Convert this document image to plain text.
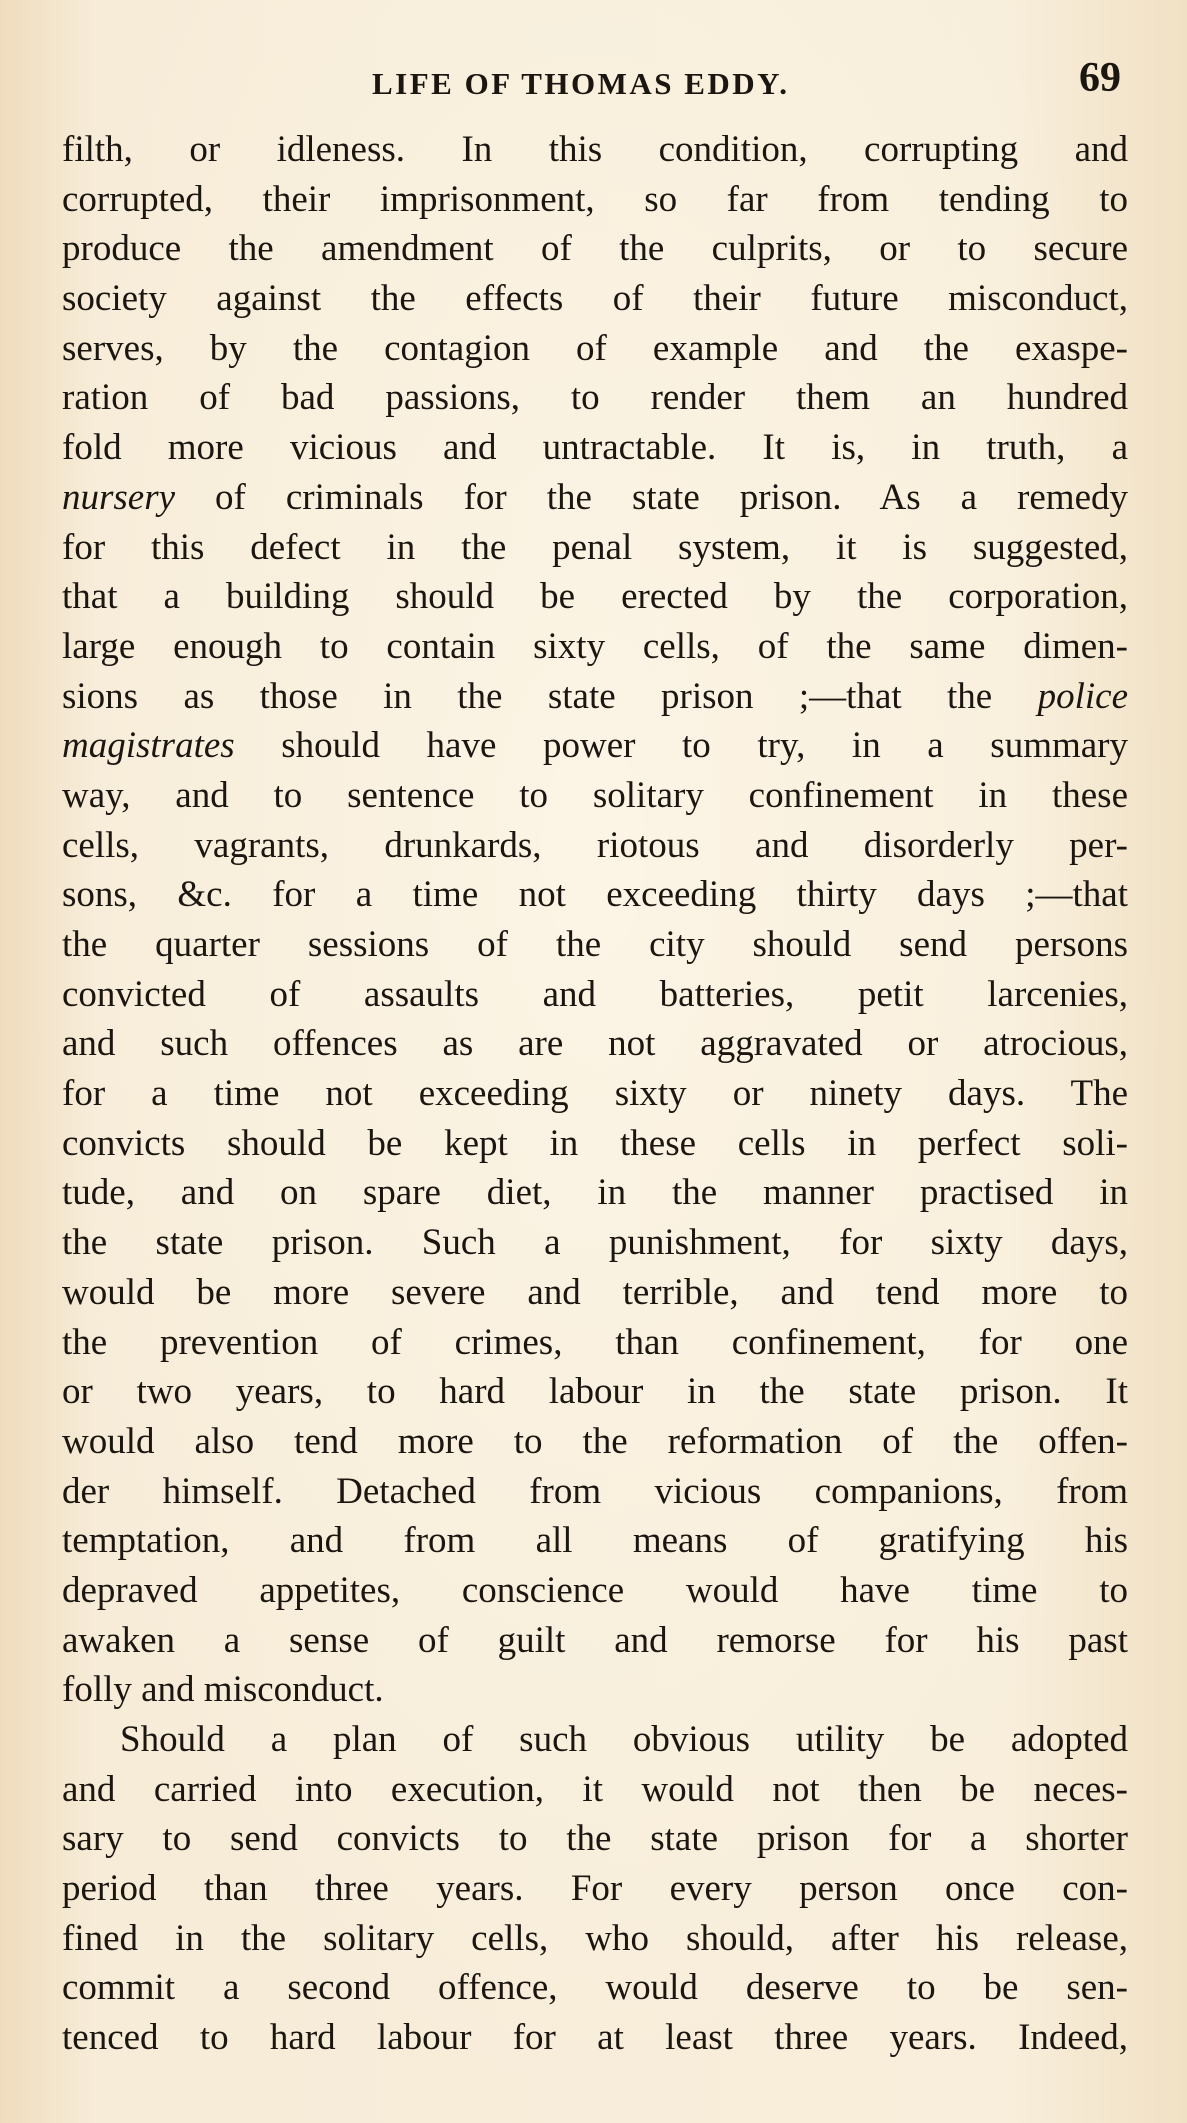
LIFE OF THOMAS EDDY.	69
filth, or idleness. In this condition, corrupting and
corrupted, their imprisonment, so far from tending to
produce the amendment of the culprits, or to secure
society against the effects of their future misconduct,
serves, by the contagion of example and the exaspe-
ration of bad passions, to render them an hundred
fold more vicious and untractable. It is, in truth, a
nursery of criminals for the state prison. As a remedy
for this defect in the penal system, it is suggested,
that a building should be erected by the corporation,
large enough to contain sixty cells, of the same dimen-
sions as those in the state prison ;—that the police
magistrates should have power to try, in a summary
way, and to sentence to solitary confinement in these
cells, vagrants, drunkards, riotous and disorderly per-
sons, &c. for a time not exceeding thirty days ;—that
the quarter sessions of the city should send persons
convicted of assaults and batteries, petit larcenies,
and such offences as are not aggravated or atrocious,
for a time not exceeding sixty or ninety days. The
convicts should be kept in these cells in perfect soli-
tude, and on spare diet, in the manner practised in
the state prison. Such a punishment, for sixty days,
would be more severe and terrible, and tend more to
the prevention of crimes, than confinement, for one
or two years, to hard labour in the state prison. It
would also tend more to the reformation of the offen-
der himself. Detached from vicious companions, from
temptation, and from all means of gratifying his
depraved appetites, conscience would have time to
awaken a sense of guilt and remorse for his past
folly and misconduct.
Should a plan of such obvious utility be adopted
and carried into execution, it would not then be neces-
sary to send convicts to the state prison for a shorter
period than three years. For every person once con-
fined in the solitary cells, who should, after his release,
commit a second offence, would deserve to be sen-
tenced to hard labour for at least three years. Indeed,
